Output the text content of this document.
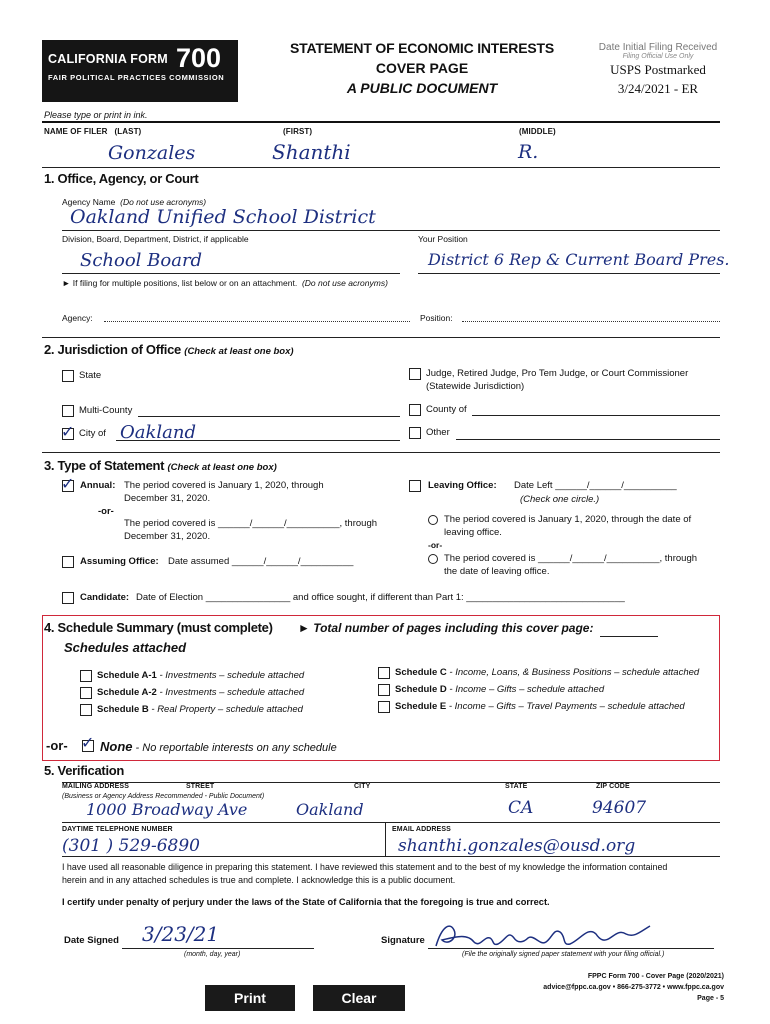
CALIFORNIA FORM 700
FAIR POLITICAL PRACTICES COMMISSION
STATEMENT OF ECONOMIC INTERESTS
COVER PAGE
A PUBLIC DOCUMENT
Date Initial Filing Received
Filing Official Use Only
USPS Postmarked
3/24/2021 - ER
Please type or print in ink.
NAME OF FILER (LAST)	(FIRST)	(MIDDLE)
Gonzales	Shanthi	R.
1. Office, Agency, or Court
Agency Name (Do not use acronyms)
Oakland Unified School District
Division, Board, Department, District, if applicable	Your Position
School Board	District 6 Rep & Current Board Pres.
► If filing for multiple positions, list below or on an attachment. (Do not use acronyms)
Agency:	Position:
2. Jurisdiction of Office (Check at least one box)
State	Judge, Retired Judge, Pro Tem Judge, or Court Commissioner
(Statewide Jurisdiction)
Multi-County	County of
✓ City of Oakland	Other
3. Type of Statement (Check at least one box)
✓ Annual: The period covered is January 1, 2020, through
December 31, 2020.
-or-
The period covered is ______/______/__________, through
December 31, 2020.
Assuming Office: Date assumed ______/______/__________
Candidate: Date of Election ________________ and office sought, if different than Part 1: ______________________________
Leaving Office: Date Left ______/______/__________
(Check one circle.)
The period covered is January 1, 2020, through the date of
leaving office.
-or-
The period covered is ______/______/__________, through
the date of leaving office.
4. Schedule Summary (must complete) ► Total number of pages including this cover page:
Schedules attached
Schedule A-1 - Investments – schedule attached
Schedule A-2 - Investments – schedule attached
Schedule B - Real Property – schedule attached
Schedule C - Income, Loans, & Business Positions – schedule attached
Schedule D - Income – Gifts – schedule attached
Schedule E - Income – Gifts – Travel Payments – schedule attached
-or- ✓ None - No reportable interests on any schedule
5. Verification
MAILING ADDRESS	STREET	CITY	STATE	ZIP CODE
(Business or Agency Address Recommended - Public Document)
1000 Broadway Ave	Oakland	CA	94607
DAYTIME TELEPHONE NUMBER	EMAIL ADDRESS
(301 ) 529-6890	shanthi.gonzales@ousd.org
I have used all reasonable diligence in preparing this statement. I have reviewed this statement and to the best of my knowledge the information contained
herein and in any attached schedules is true and complete. I acknowledge this is a public document.
I certify under penalty of perjury under the laws of the State of California that the foregoing is true and correct.
Date Signed 3/23/21
(month, day, year)
Signature
(File the originally signed paper statement with your filing official.)
Print	Clear
FPPC Form 700 - Cover Page (2020/2021)
advice@fppc.ca.gov • 866-275-3772 • www.fppc.ca.gov
Page - 5
